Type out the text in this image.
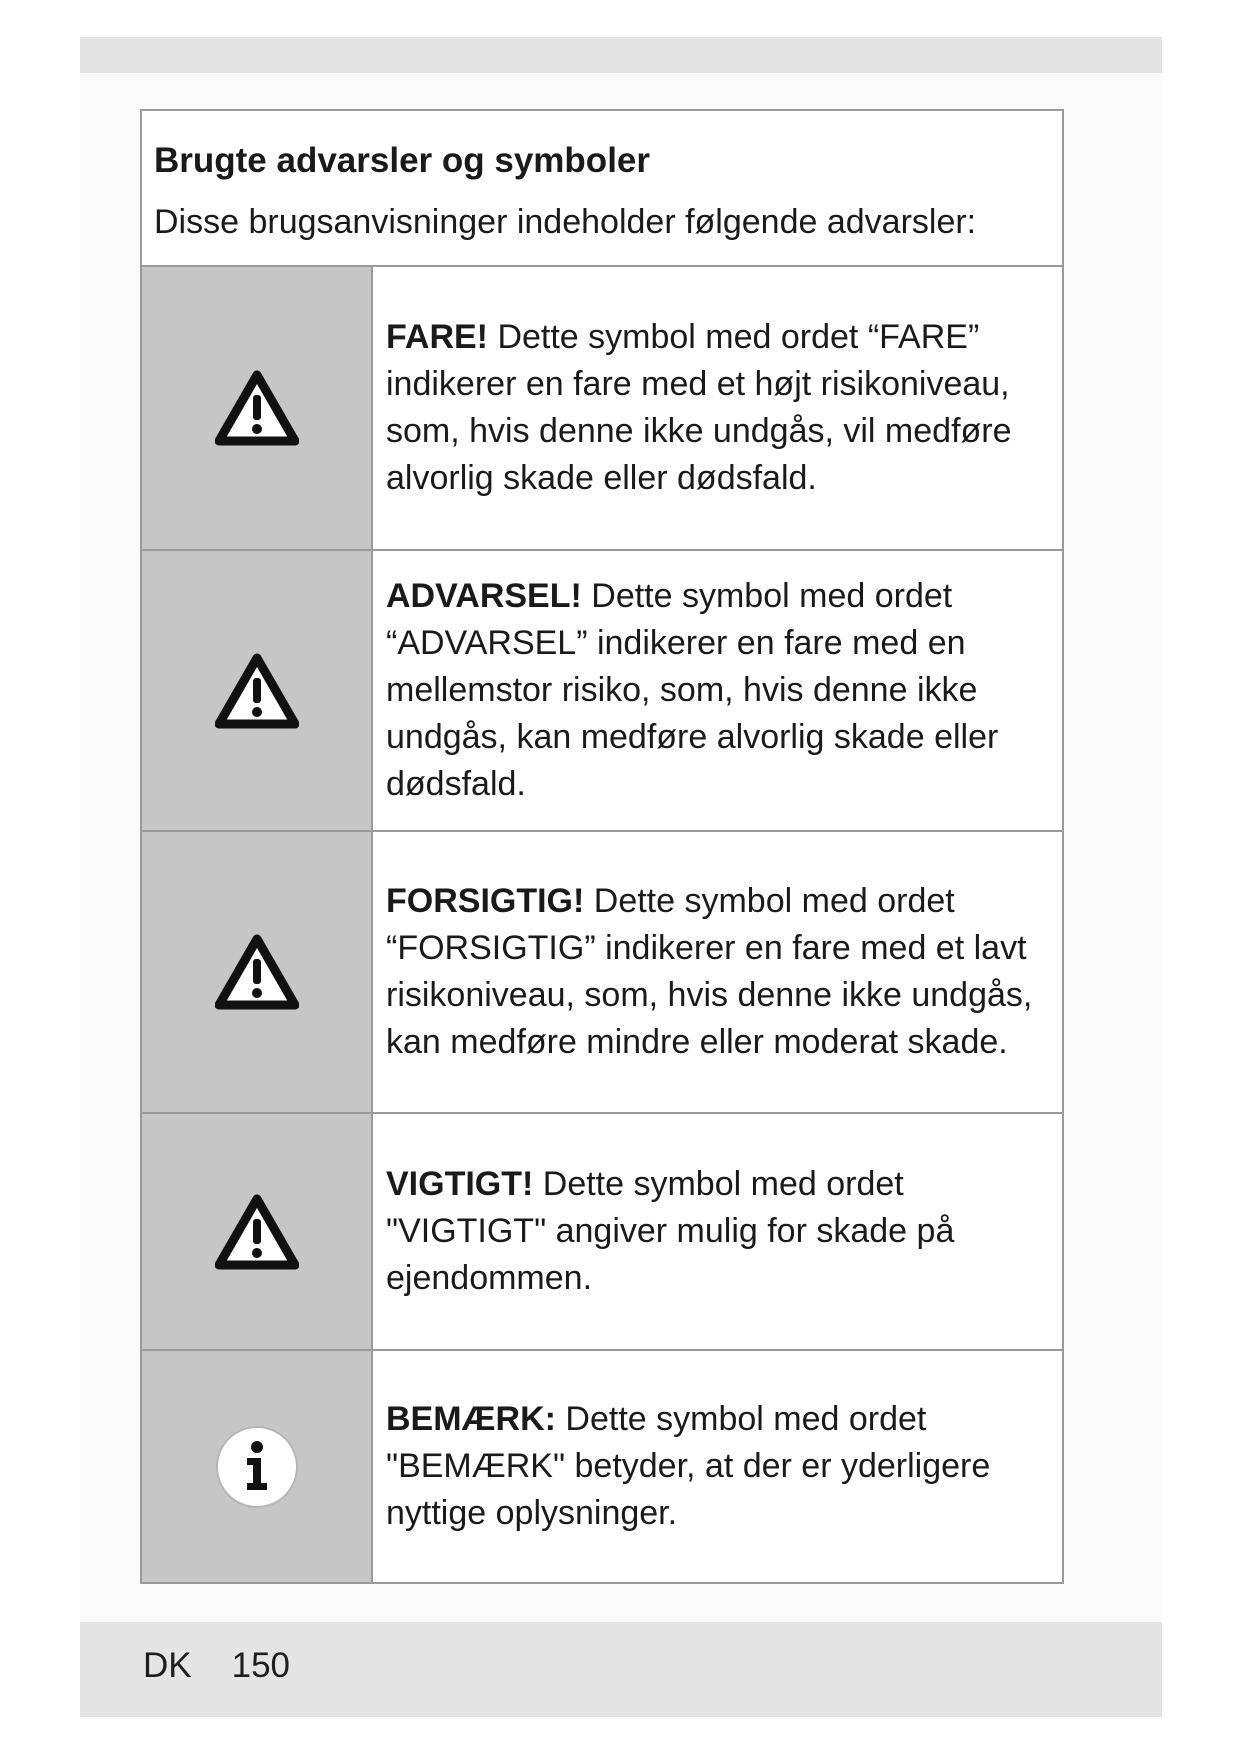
Brugte advarsler og symboler
Disse brugsanvisninger indeholder følgende advarsler:

FARE! Dette symbol med ordet “FARE” indikerer en fare med et højt risikoniveau, som, hvis denne ikke undgås, vil medføre alvorlig skade eller dødsfald.

ADVARSEL! Dette symbol med ordet “ADVARSEL” indikerer en fare med en mellemstor risiko, som, hvis denne ikke undgås, kan medføre alvorlig skade eller dødsfald.

FORSIGTIG! Dette symbol med ordet “FORSIGTIG” indikerer en fare med et lavt risikoniveau, som, hvis denne ikke undgås, kan medføre mindre eller moderat skade.

VIGTIGT! Dette symbol med ordet "VIGTIGT" angiver mulig for skade på ejendommen.

BEMÆRK: Dette symbol med ordet "BEMÆRK" betyder, at der er yderligere nyttige oplysninger.

DK 150
